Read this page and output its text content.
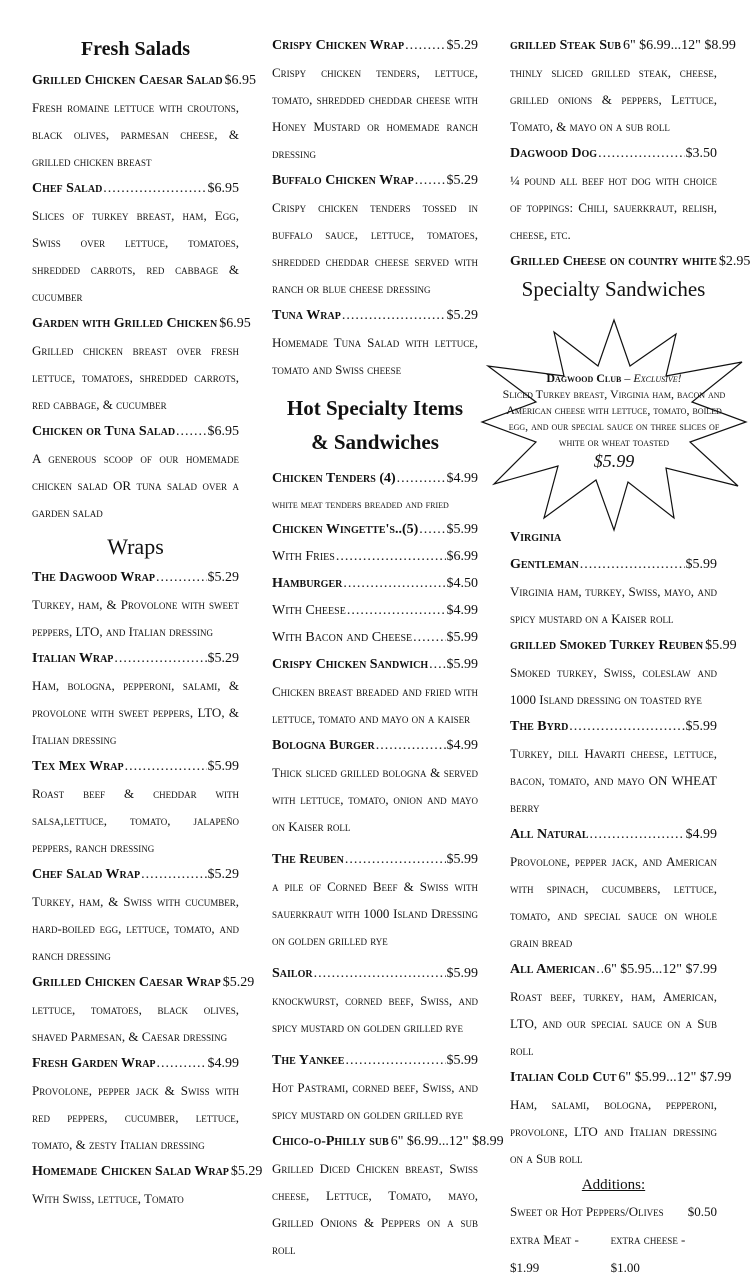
Fresh Salads
Grilled Chicken Caesar Salad $6.95

Fresh romaine lettuce with croutons, black olives, parmesan cheese, & grilled chicken breast

Chef Salad .....	$6.95

Slices of turkey breast, ham, Egg, Swiss over lettuce, tomatoes, shredded carrots, red cabbage & cucumber

Garden with Grilled Chicken $6.95

Grilled chicken breast over fresh lettuce, tomatoes, shredded carrots, red cabbage, & cucumber

Chicken or Tuna Salad ..... $6.95

A generous scoop of our homemade chicken salad OR tuna salad over a garden salad

Wraps
The Dagwood Wrap .....	$5.29

Turkey, ham, & Provolone with sweet peppers, LTO, and Italian dressing

Italian Wrap .....	$5.29

Ham, bologna, pepperoni, salami, & provolone with sweet peppers, LTO, & Italian dressing

Tex Mex Wrap .....	$5.99

Roast beef & cheddar with salsa,lettuce, tomato, jalapeño peppers, ranch dressing

Chef Salad Wrap .....	$5.29

Turkey, ham, & Swiss with cucumber, hard-boiled egg, lettuce, tomato, and ranch dressing

Grilled Chicken Caesar Wrap $5.29

lettuce, tomatoes, black olives, shaved Parmesan, & Caesar dressing

Fresh Garden Wrap .....	$4.99

Provolone, pepper jack & Swiss with red peppers, cucumber, lettuce, tomato, & zesty Italian dressing

Homemade Chicken Salad Wrap $5.29

With Swiss, lettuce, Tomato

Crispy Chicken Wrap .....	$5.29

Crispy chicken tenders, lettuce, tomato, shredded cheddar cheese with Honey Mustard or homemade ranch dressing

Buffalo Chicken Wrap ..... $5.29

Crispy chicken tenders tossed in buffalo sauce, lettuce, tomatoes, shredded cheddar cheese served with ranch or blue cheese dressing

Tuna Wrap .....	$5.29

Homemade Tuna Salad with lettuce, tomato and Swiss cheese

Hot Specialty Items & Sandwiches
Chicken Tenders (4) .....	$4.99

white meat tenders breaded and fried

Chicken Wingette's..(5) ..... $5.99
With Fries .....	$6.99
Hamburger .....	$4.50
With Cheese .....	$4.99
With Bacon and Cheese ..... $5.99
Crispy Chicken Sandwich ..... $5.99

Chicken breast breaded and fried with lettuce, tomato and mayo on a kaiser

Bologna Burger .....	$4.99

Thick sliced grilled bologna & served with lettuce, tomato, onion and mayo on Kaiser roll

The Reuben .....	$5.99

a pile of Corned Beef & Swiss with sauerkraut with 1000 Island Dressing on golden grilled rye

Sailor .....	$5.99

knockwurst, corned beef, Swiss, and spicy mustard on golden grilled rye

The Yankee .....	$5.99

Hot Pastrami, corned beef, Swiss, and spicy mustard on golden grilled rye

Chico-o-Philly sub 6" $6.99...12" $8.99

Grilled Diced Chicken breast, Swiss cheese, Lettuce, Tomato, mayo, Grilled Onions & Peppers on a sub roll

grilled Steak Sub 6" $6.99...12" $8.99

thinly sliced grilled steak, cheese, grilled onions & peppers, Lettuce, Tomato, & mayo on a sub roll

Dagwood Dog .....	$3.50

¼ pound all beef hot dog with choice of toppings: Chili, sauerkraut, relish, cheese, etc.

Grilled Cheese on country white $2.95
Specialty Sandwiches
Virginia
Gentleman .....	$5.99

Virginia ham, turkey, Swiss, mayo, and spicy mustard on a Kaiser roll

grilled Smoked Turkey Reuben $5.99

Smoked turkey, Swiss, coleslaw and 1000 Island dressing on toasted rye

The Byrd .....	$5.99

Turkey, dill Havarti cheese, lettuce, bacon, tomato, and mayo ON WHEAT berry

All Natural .....	$4.99

Provolone, pepper jack, and American with spinach, cucumbers, lettuce, tomato, and special sauce on whole grain bread

All American ..... 6" $5.95...12" $7.99

Roast beef, turkey, ham, American, LTO, and our special sauce on a Sub roll

Italian Cold Cut 6" $5.99...12" $7.99

Ham, salami, bologna, pepperoni, provolone, LTO and Italian dressing on a Sub roll

Additions:

Sweet or Hot Peppers/Olives $0.50
extra Meat - $1.99
extra cheese - $1.00
Dagwood Club – Exclusive!
Sliced Turkey breast, Virginia ham, bacon and American cheese with lettuce, tomato, boiled egg, and our special sauce on three slices of white or wheat toasted
$5.99
